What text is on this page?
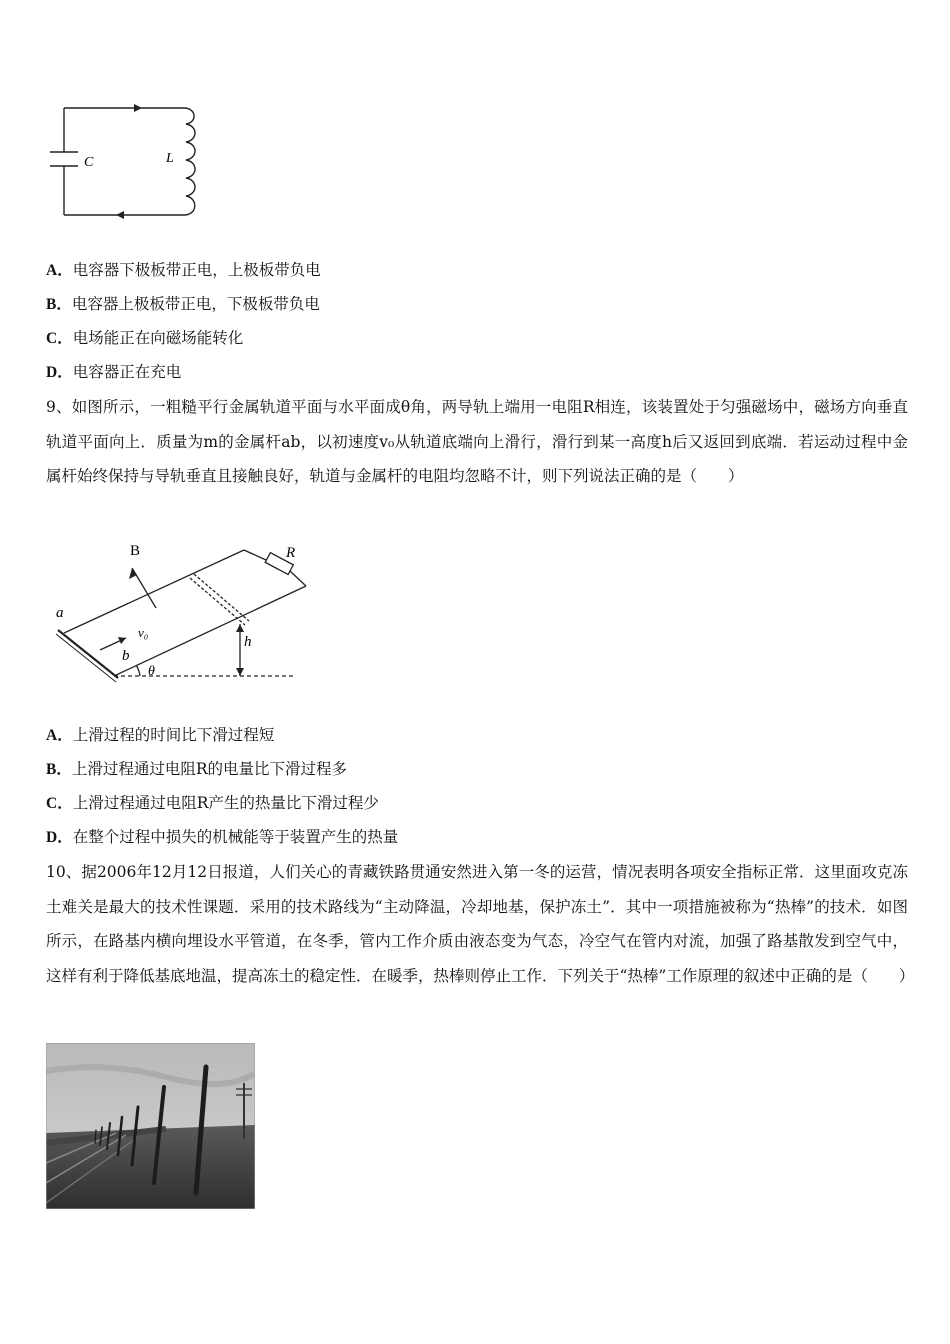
C	L
A．电容器下极板带正电，上极板带负电
B．电容器上极板带正电，下极板带负电
C．电场能正在向磁场能转化
D．电容器正在充电
9、如图所示，一粗糙平行金属轨道平面与水平面成θ角，两导轨上端用一电阻R相连，该装置处于匀强磁场中，磁场方向垂直轨道平面向上．质量为m的金属杆ab，以初速度v₀从轨道底端向上滑行，滑行到某一高度h后又返回到底端．若运动过程中金属杆始终保持与导轨垂直且接触良好，轨道与金属杆的电阻均忽略不计，则下列说法正确的是（　　）
B	R
a
b
v₀
h
θ
A．上滑过程的时间比下滑过程短
B．上滑过程通过电阻R的电量比下滑过程多
C．上滑过程通过电阻R产生的热量比下滑过程少
D．在整个过程中损失的机械能等于装置产生的热量
10、据2006年12月12日报道，人们关心的青藏铁路贯通安然进入第一冬的运营，情况表明各项安全指标正常．这里面攻克冻土难关是最大的技术性课题．采用的技术路线为“主动降温，冷却地基，保护冻土”．其中一项措施被称为“热棒”的技术．如图所示，在路基内横向埋设水平管道，在冬季，管内工作介质由液态变为气态，冷空气在管内对流，加强了路基散发到空气中，这样有利于降低基底地温，提高冻土的稳定性．在暖季，热棒则停止工作．下列关于“热棒”工作原理的叙述中正确的是（　　）
